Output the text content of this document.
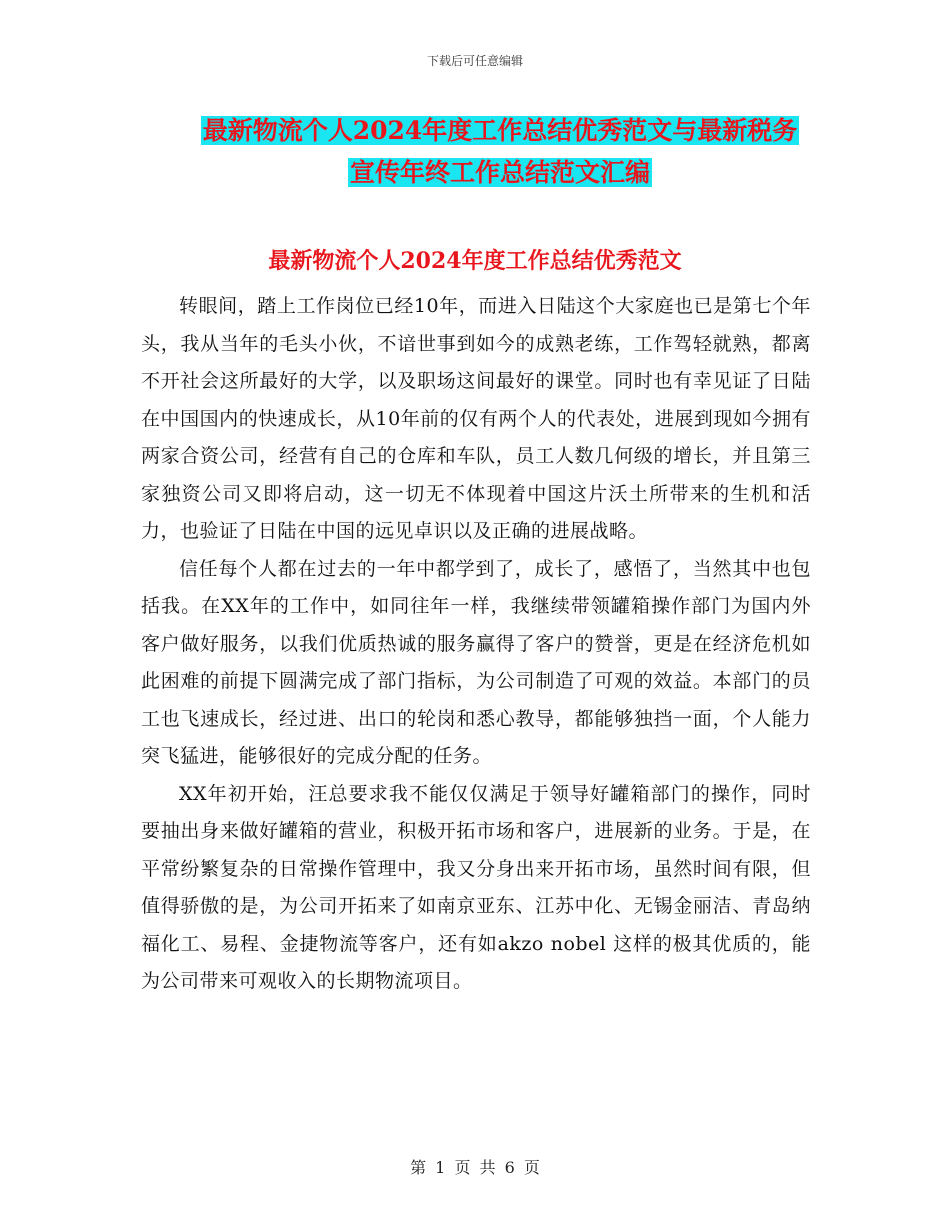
下载后可任意编辑
最新物流个人2024年度工作总结优秀范文与最新税务
宣传年终工作总结范文汇编
最新物流个人2024年度工作总结优秀范文

转眼间，踏上工作岗位已经10年，而进入日陆这个大家庭也已是第七个年头，我从当年的毛头小伙，不谙世事到如今的成熟老练，工作驾轻就熟，都离不开社会这所最好的大学，以及职场这间最好的课堂。同时也有幸见证了日陆在中国国内的快速成长，从10年前的仅有两个人的代表处，进展到现如今拥有两家合资公司，经营有自己的仓库和车队，员工人数几何级的增长，并且第三家独资公司又即将启动，这一切无不体现着中国这片沃土所带来的生机和活力，也验证了日陆在中国的远见卓识以及正确的进展战略。

信任每个人都在过去的一年中都学到了，成长了，感悟了，当然其中也包括我。在XX年的工作中，如同往年一样，我继续带领罐箱操作部门为国内外客户做好服务，以我们优质热诚的服务赢得了客户的赞誉，更是在经济危机如此困难的前提下圆满完成了部门指标，为公司制造了可观的效益。本部门的员工也飞速成长，经过进、出口的轮岗和悉心教导，都能够独挡一面，个人能力突飞猛进，能够很好的完成分配的任务。

XX年初开始，汪总要求我不能仅仅满足于领导好罐箱部门的操作，同时要抽出身来做好罐箱的营业，积极开拓市场和客户，进展新的业务。于是，在平常纷繁复杂的日常操作管理中，我又分身出来开拓市场，虽然时间有限，但值得骄傲的是，为公司开拓来了如南京亚东、江苏中化、无锡金丽洁、青岛纳福化工、易程、金捷物流等客户，还有如akzo nobel 这样的极其优质的，能为公司带来可观收入的长期物流项目。

第 1 页 共 6 页
